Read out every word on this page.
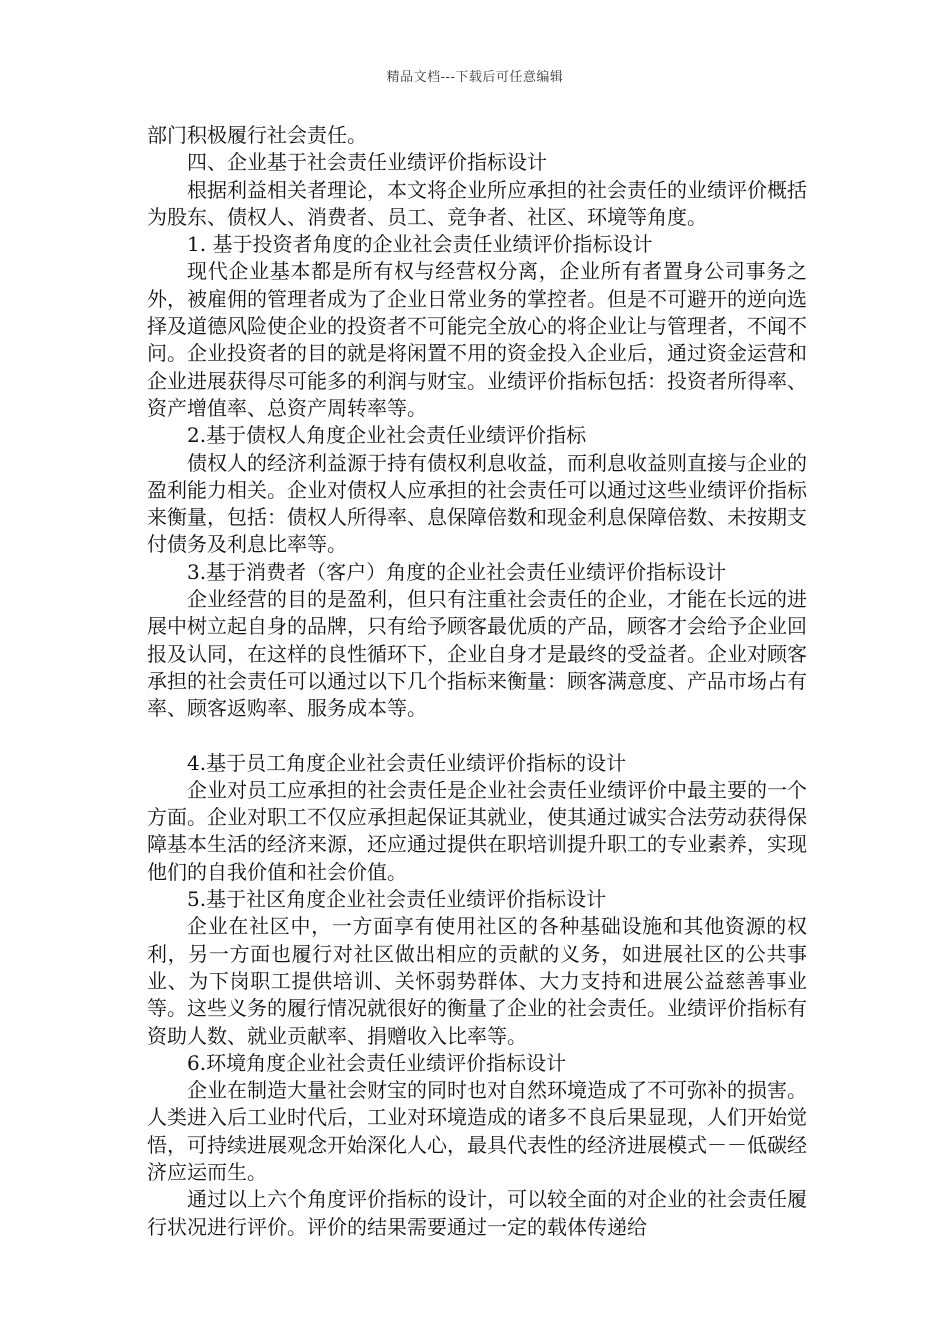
精品文档---下载后可任意编辑

部门积极履行社会责任。

四、企业基于社会责任业绩评价指标设计

根据利益相关者理论，本文将企业所应承担的社会责任的业绩评价概括为股东、债权人、消费者、员工、竞争者、社区、环境等角度。

1. 基于投资者角度的企业社会责任业绩评价指标设计

现代企业基本都是所有权与经营权分离，企业所有者置身公司事务之外，被雇佣的管理者成为了企业日常业务的掌控者。但是不可避开的逆向选择及道德风险使企业的投资者不可能完全放心的将企业让与管理者，不闻不问。企业投资者的目的就是将闲置不用的资金投入企业后，通过资金运营和企业进展获得尽可能多的利润与财宝。业绩评价指标包括：投资者所得率、资产增值率、总资产周转率等。

2.基于债权人角度企业社会责任业绩评价指标

债权人的经济利益源于持有债权利息收益，而利息收益则直接与企业的盈利能力相关。企业对债权人应承担的社会责任可以通过这些业绩评价指标来衡量，包括：债权人所得率、息保障倍数和现金利息保障倍数、未按期支付债务及利息比率等。

3.基于消费者（客户）角度的企业社会责任业绩评价指标设计

企业经营的目的是盈利，但只有注重社会责任的企业，才能在长远的进展中树立起自身的品牌，只有给予顾客最优质的产品，顾客才会给予企业回报及认同，在这样的良性循环下，企业自身才是最终的受益者。企业对顾客承担的社会责任可以通过以下几个指标来衡量：顾客满意度、产品市场占有率、顾客返购率、服务成本等。

4.基于员工角度企业社会责任业绩评价指标的设计

企业对员工应承担的社会责任是企业社会责任业绩评价中最主要的一个方面。企业对职工不仅应承担起保证其就业，使其通过诚实合法劳动获得保障基本生活的经济来源，还应通过提供在职培训提升职工的专业素养，实现他们的自我价值和社会价值。

5.基于社区角度企业社会责任业绩评价指标设计

企业在社区中，一方面享有使用社区的各种基础设施和其他资源的权利，另一方面也履行对社区做出相应的贡献的义务，如进展社区的公共事业、为下岗职工提供培训、关怀弱势群体、大力支持和进展公益慈善事业等。这些义务的履行情况就很好的衡量了企业的社会责任。业绩评价指标有资助人数、就业贡献率、捐赠收入比率等。

6.环境角度企业社会责任业绩评价指标设计

企业在制造大量社会财宝的同时也对自然环境造成了不可弥补的损害。人类进入后工业时代后，工业对环境造成的诸多不良后果显现，人们开始觉悟，可持续进展观念开始深化人心，最具代表性的经济进展模式－－低碳经济应运而生。

通过以上六个角度评价指标的设计，可以较全面的对企业的社会责任履行状况进行评价。评价的结果需要通过一定的载体传递给
